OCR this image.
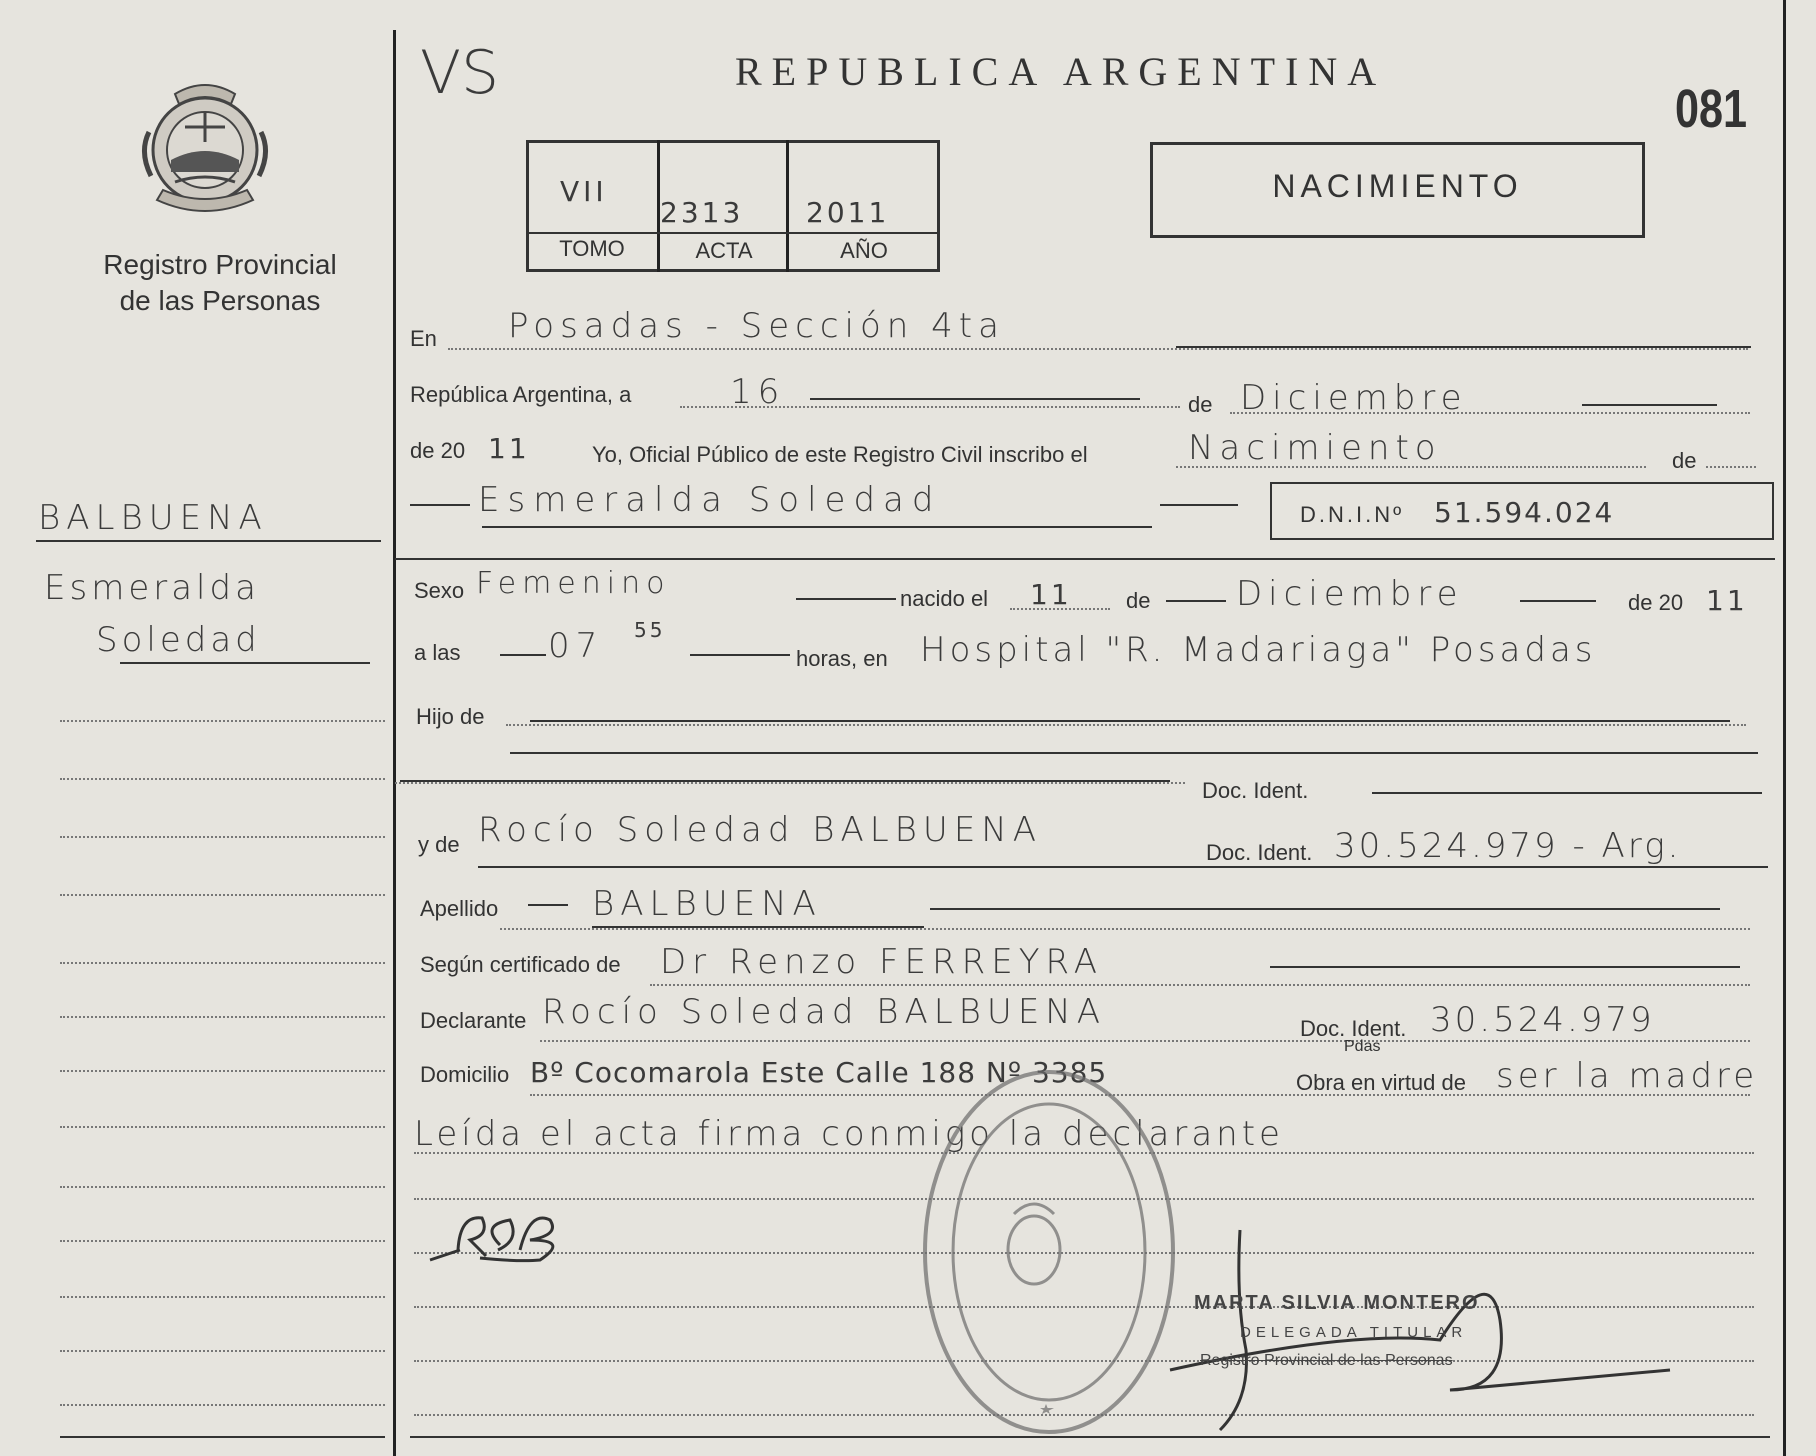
Registro Provincial
de las Personas
BALBUENA
Esmeralda
Soledad
VS	REPUBLICA ARGENTINA
081
VII
2313 2011
TOMO	ACTA	AÑO
NACIMIENTO
En Posadas - Sección 4ta
República Argentina, a	16	de Diciembre
de 20 11	Yo, Oficial Público de este Registro Civil inscribo el	Nacimiento	de
Esmeralda Soledad	D.N.I.Nº 51.594.024
Sexo Femenino	nacido el 11 de	Diciembre	de 20 11
a las	07 55
horas, en Hospital "R. Madariaga" Posadas
Hijo de
Doc. Ident.
y de Rocío Soledad BALBUENA
Doc. Ident. 30.524.979 - Arg.
Apellido	BALBUENA
Según certificado de Dr Renzo FERREYRA
Declarante Rocío Soledad BALBUENA	Doc. Ident. 30.524.979
Domicilio Bº Cocomarola Este Calle 188 Nº 3385
Pdas
Obra en virtud de ser la madre
Leída el acta firma conmigo la declarante
MARTA SILVIA MONTERO
DELEGADA TITULAR
Registro Provincial de las Personas
